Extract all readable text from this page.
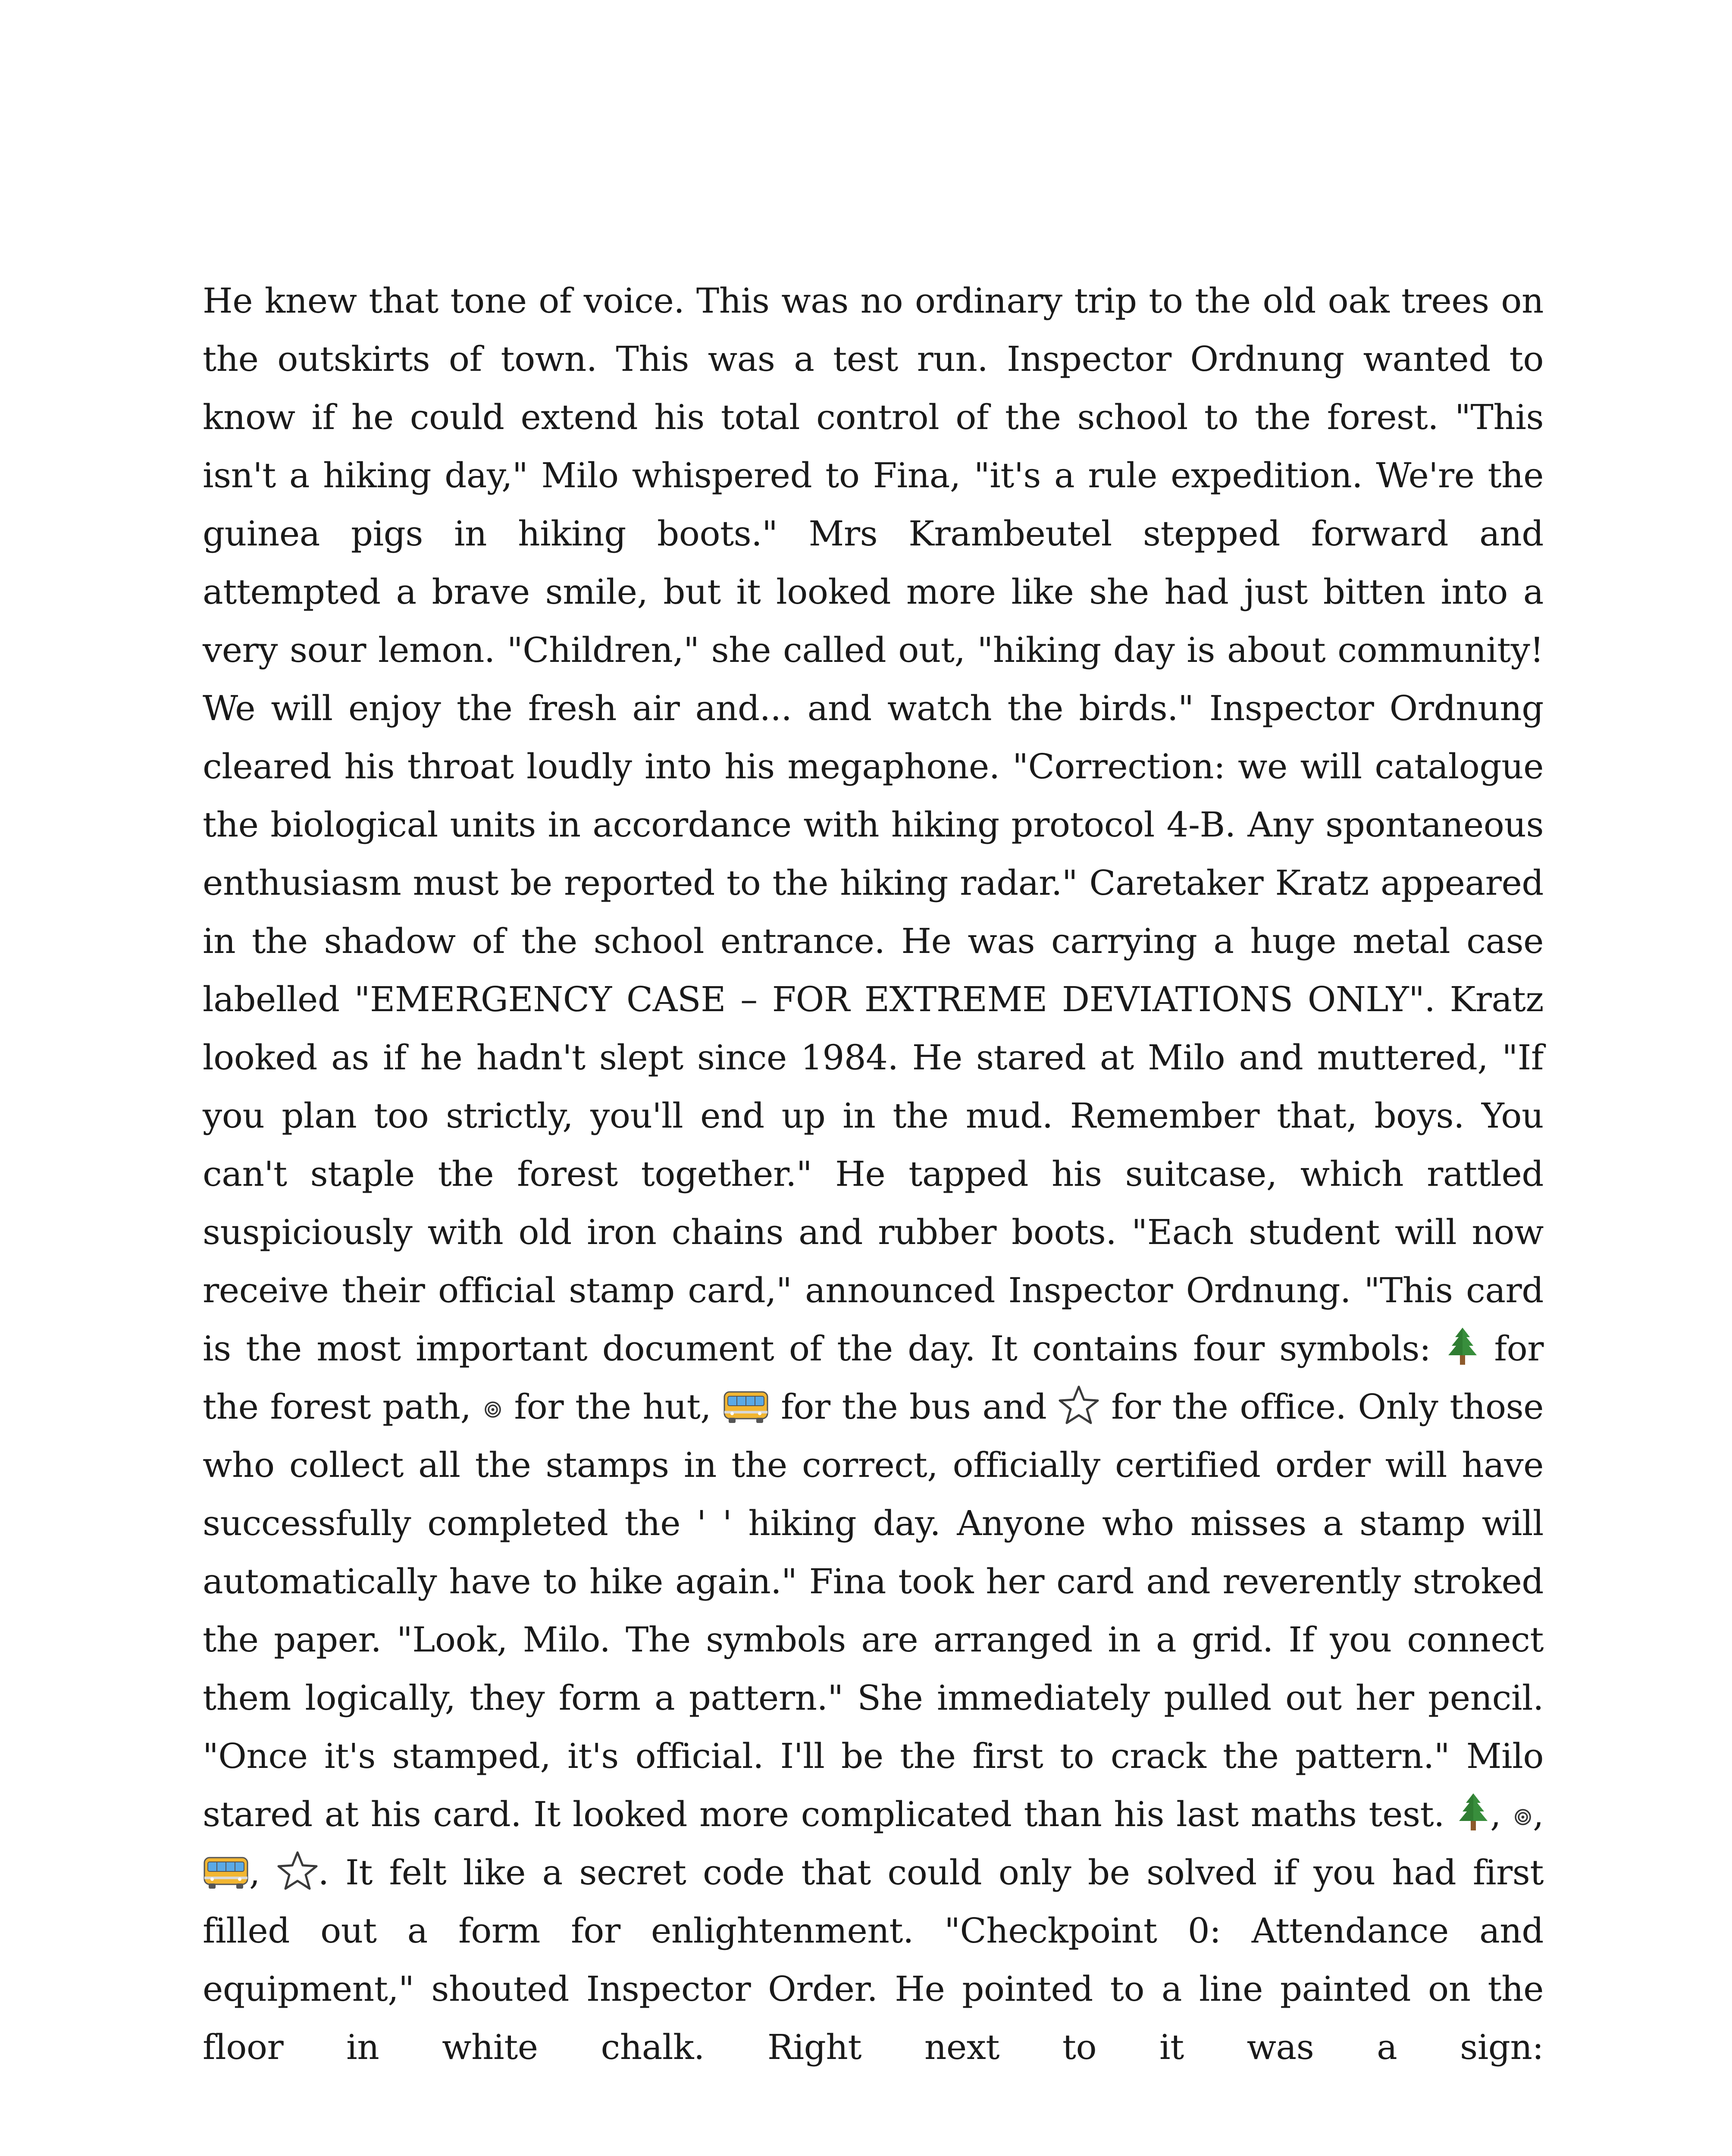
He knew that tone of voice. This was no ordinary trip to the old oak trees on the outskirts of town. This was a test run. Inspector Ordnung wanted to know if he could extend his total control of the school to the forest. "This isn't a hiking day," Milo whispered to Fina, "it's a rule expedition. We're the guinea pigs in hiking boots." Mrs Krambeutel stepped forward and attempted a brave smile, but it looked more like she had just bitten into a very sour lemon. "Children," she called out, "hiking day is about community! We will enjoy the fresh air and... and watch the birds." Inspector Ordnung cleared his throat loudly into his megaphone. "Correction: we will catalogue the biological units in accordance with hiking protocol 4-B. Any spontaneous enthusiasm must be reported to the hiking radar." Caretaker Kratz appeared in the shadow of the school entrance. He was carrying a huge metal case labelled "EMERGENCY CASE – FOR EXTREME DEVIATIONS ONLY". Kratz looked as if he hadn't slept since 1984. He stared at Milo and muttered, "If you plan too strictly, you'll end up in the mud. Remember that, boys. You can't staple the forest together." He tapped his suitcase, which rattled suspiciously with old iron chains and rubber boots. "Each student will now receive their official stamp card," announced Inspector Ordnung. "This card is the most important document of the day. It contains four symbols:
for the forest path,
for the hut,
for the bus and
for the office. Only those who collect all the stamps in the correct, officially certified order will have successfully completed the ' ' hiking day. Anyone who misses a stamp will automatically have to hike again." Fina took her card and reverently stroked the paper. "Look, Milo. The symbols are arranged in a grid. If you connect them logically, they form a pattern." She immediately pulled out her pencil. "Once it's stamped, it's official. I'll be the first to crack the pattern." Milo stared at his card. It looked more complicated than his last maths test.
,
,
,
. It felt like a secret code that could only be solved if you had first filled out a form for enlightenment. "Checkpoint 0: Attendance and equipment," shouted Inspector Order. He pointed to a line painted on the floor in white chalk. Right next to it was a sign:
